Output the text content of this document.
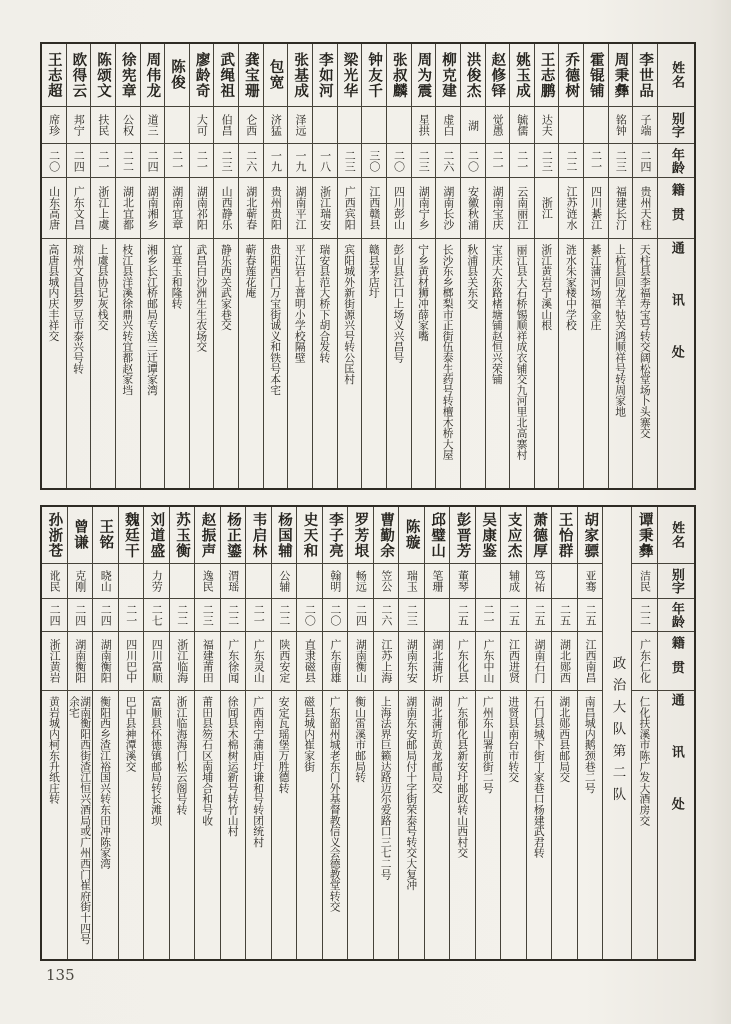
姓名
别字
年龄
籍贯
通讯处
李世品
子端
二四
贵州天柱
天柱县李福寿宝号转交阔松堂场卜头寨交
周秉彝
铭钟
二三
福建长汀
上杭县回龙羊牯关鸿顺祥号转周家地
霍锟铺
二一
四川綦江
綦江蒲河场福金庄
乔德树
二二
江苏涟水
涟水朱家楼中学校
王志鹏
达夫
二三
浙江
浙江黄岩宁溪山根
姚玉成
毓儒
二一
云南丽江
丽江县大石桥锡顺祥成衣铺交九河里北高寨村
赵修铎
觉愚
二一
湖南宝庆
宝庆大东路楮塘铺赵恒兴荣铺
洪俊杰
湖
二〇
安徽秋浦
秋浦县关东交
柳克建
虚白
二六
湖南长沙
长沙东乡榔梨市正街伍泰生药号转檀木桥大屋
周为震
星拱
二三
湖南宁乡
宁乡黄材狮冲薛家嘴
张叔麟
二〇
四川彭山
彭山县江口上场义兴昌号
钟友千
三〇
江西赣县
赣县茅店圩
梁光华
二三
广西宾阳
宾阳城外新街源兴号转公匡村
李如河
一八
浙江瑞安
瑞安县范大桥下胡合发转
张基成
泽远
一九
湖南平江
平江岩上普明小学校隔壁
包宽
济猛
一九
贵州贵阳
贵阳西门万宝街诚义和铁号本宅
龚宝珊
仑西
二六
湖北蕲春
蕲春莲花庵
武绳祖
伯昌
二三
山西静乐
静乐西关武家巷交
廖龄奇
大可
二一
湖南祁阳
武昌白沙洲生生农场交
陈俊
二一
湖南宜章
宜章玉和隆转
周伟龙
道三
二四
湖南湘乡
湘乡长江桥邮局专送三迁谭家湾
徐宪章
公权
二二
湖北宜都
枝江县洋溪徐鼎兴转宜都赵家垱
陈颂文
扶民
二一
浙江上虞
上虞县协记灰栈交
欧得云
邦宁
二四
广东文昌
琼州文昌县罗豆市泰兴号转
王志超
席珍
二〇
山东高唐
高唐县城内庆丰祥交
姓名
别字
年龄
籍贯
通讯处
谭秉彝
洁民
二二
广东仁化
仁化扶溪市陈广发大酒房交
政治大队第二队
胡家骠
亚骞
二五
江西南昌
南昌城内鹅颈巷二号
王怡群
二五
湖北郧西
湖北郧西县邮局交
萧德厚
笃祐
二五
湖南石门
石门县城下街丁家巷口杨建武君转
支应杰
辅成
二五
江西进贤
进贤县南台市转交
吴康鉴
二一
广东中山
广州东山署前街二号
彭晋芳
董琴
二五
广东化县
广东郁化县新安圩邮政转山西村交
邱璧山
笔珊
湖北蒲圻
湖北蒲圻黄龙邮局交
陈璇
瑞玉
二三
湖南东安
湖南东安邮局付十字街荣泰号转交大复冲
曹勤余
笠公
二六
江苏上海
上海法界巨籁达路迈尔爱路口三七二号
罗芳垠
畅远
二四
湖南衡山
衡山雷溪市邮局转
李子亮
翰明
二〇
广东南雄
广东韶州城老东门外基督教信义会德教堂转交
史天和
二〇
直隶磁县
磁县城内崔家街
杨国辅
公辅
二二
陕西安定
安定瓦瑶堡万胜德转
韦启林
二一
广东灵山
广西南宁蒲庙圩谦和号转团统村
杨正鎏
渭瑶
二二
广东徐闻
徐闻县木棉树运新号转竹山村
赵振声
逸民
二三
福建莆田
莆田县笏石区南埔合和号收
苏玉衡
二二
浙江临海
浙江临海海门松云阁号转
刘道盛
力劳
二七
四川富顺
富顺县怀德镇邮局转长滩坝
魏廷干
二一
四川巴中
巴中县神潭溪交
王铭
晓山
二四
湖南衡阳
衡阳西乡渣江裕国兴转东田冲陈家湾
曾谦
克刚
二四
湖南衡阳
湖南衡阳西街渣江恒兴酒局或广州西门崔府街十四号余宅
孙浙苍
讹民
二四
浙江黄岩
黄岩城内柯东升纸庄转
135
